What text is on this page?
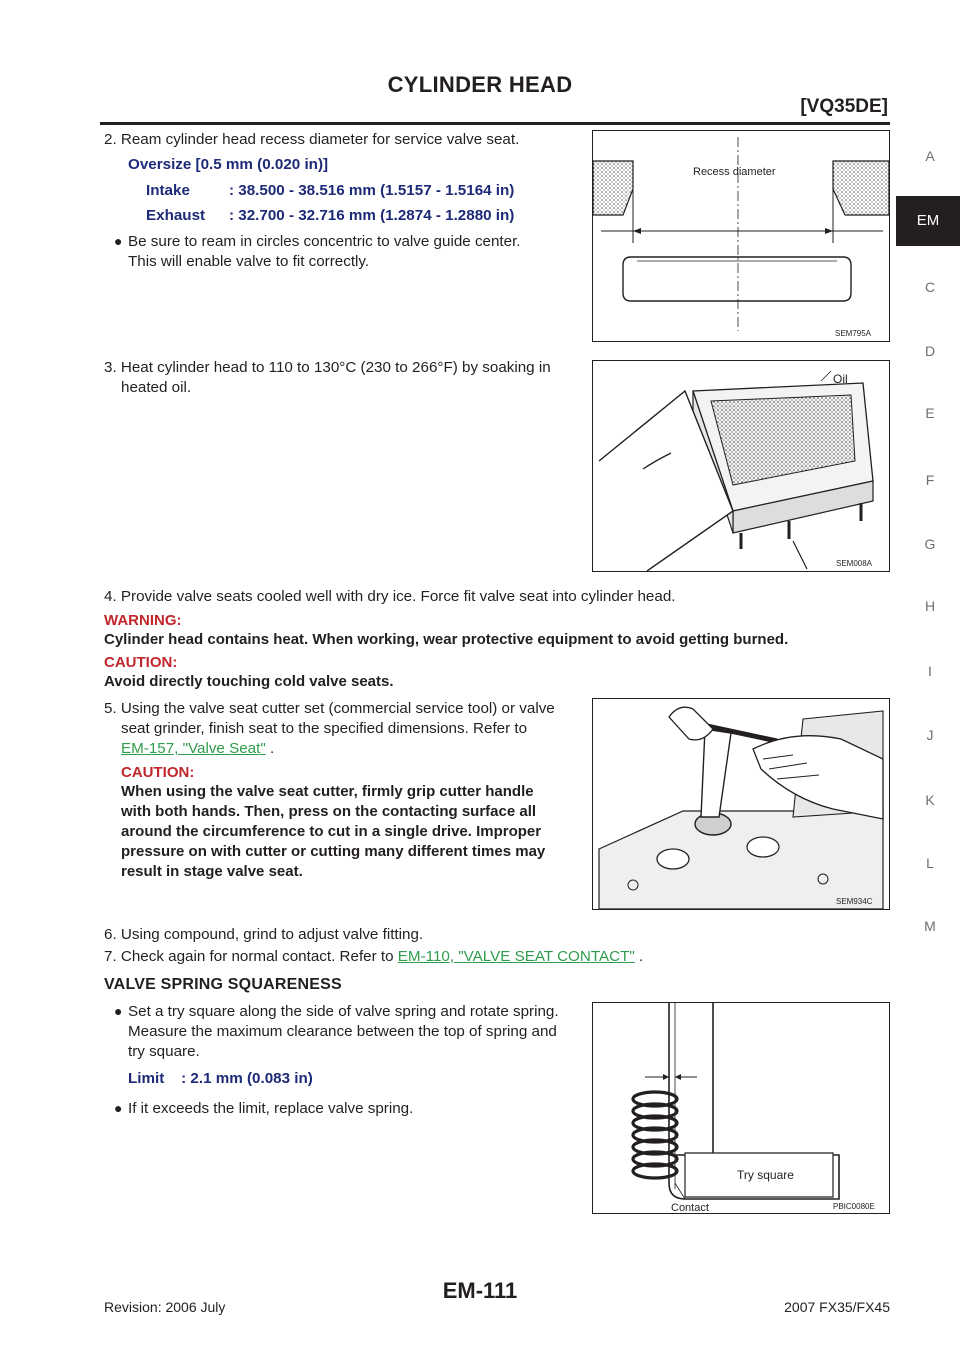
CYLINDER HEAD
[VQ35DE]
A
EM
C
D
E
F
G
H
I
J
K
L
M
2. Ream cylinder head recess diameter for service valve seat.
Oversize [0.5 mm (0.020 in)]
Intake	: 38.500 - 38.516 mm (1.5157 - 1.5164 in)
Exhaust : 32.700 - 32.716 mm (1.2874 - 1.2880 in)
● Be sure to ream in circles concentric to valve guide center.
This will enable valve to fit correctly.
Recess diameter
SEM795A
3. Heat cylinder head to 110 to 130°C (230 to 266°F) by soaking in
heated oil.	Oil
SEM008A
4. Provide valve seats cooled well with dry ice. Force fit valve seat into cylinder head.
WARNING:
Cylinder head contains heat. When working, wear protective equipment to avoid getting burned.
CAUTION:
Avoid directly touching cold valve seats.
5. Using the valve seat cutter set (commercial service tool) or valve
seat grinder, finish seat to the specified dimensions. Refer to
EM-157, "Valve Seat" .
CAUTION:
When using the valve seat cutter, firmly grip cutter handle
with both hands. Then, press on the contacting surface all
around the circumference to cut in a single drive. Improper
pressure on with cutter or cutting many different times may
result in stage valve seat.
SEM934C
6. Using compound, grind to adjust valve fitting.
7. Check again for normal contact. Refer to EM-110, "VALVE SEAT CONTACT" .
VALVE SPRING SQUARENESS
● Set a try square along the side of valve spring and rotate spring.
Measure the maximum clearance between the top of spring and
try square.
Limit    : 2.1 mm (0.083 in)
● If it exceeds the limit, replace valve spring.
Try square
Contact	PBIC0080E
Revision: 2006 July
EM-111
2007 FX35/FX45
